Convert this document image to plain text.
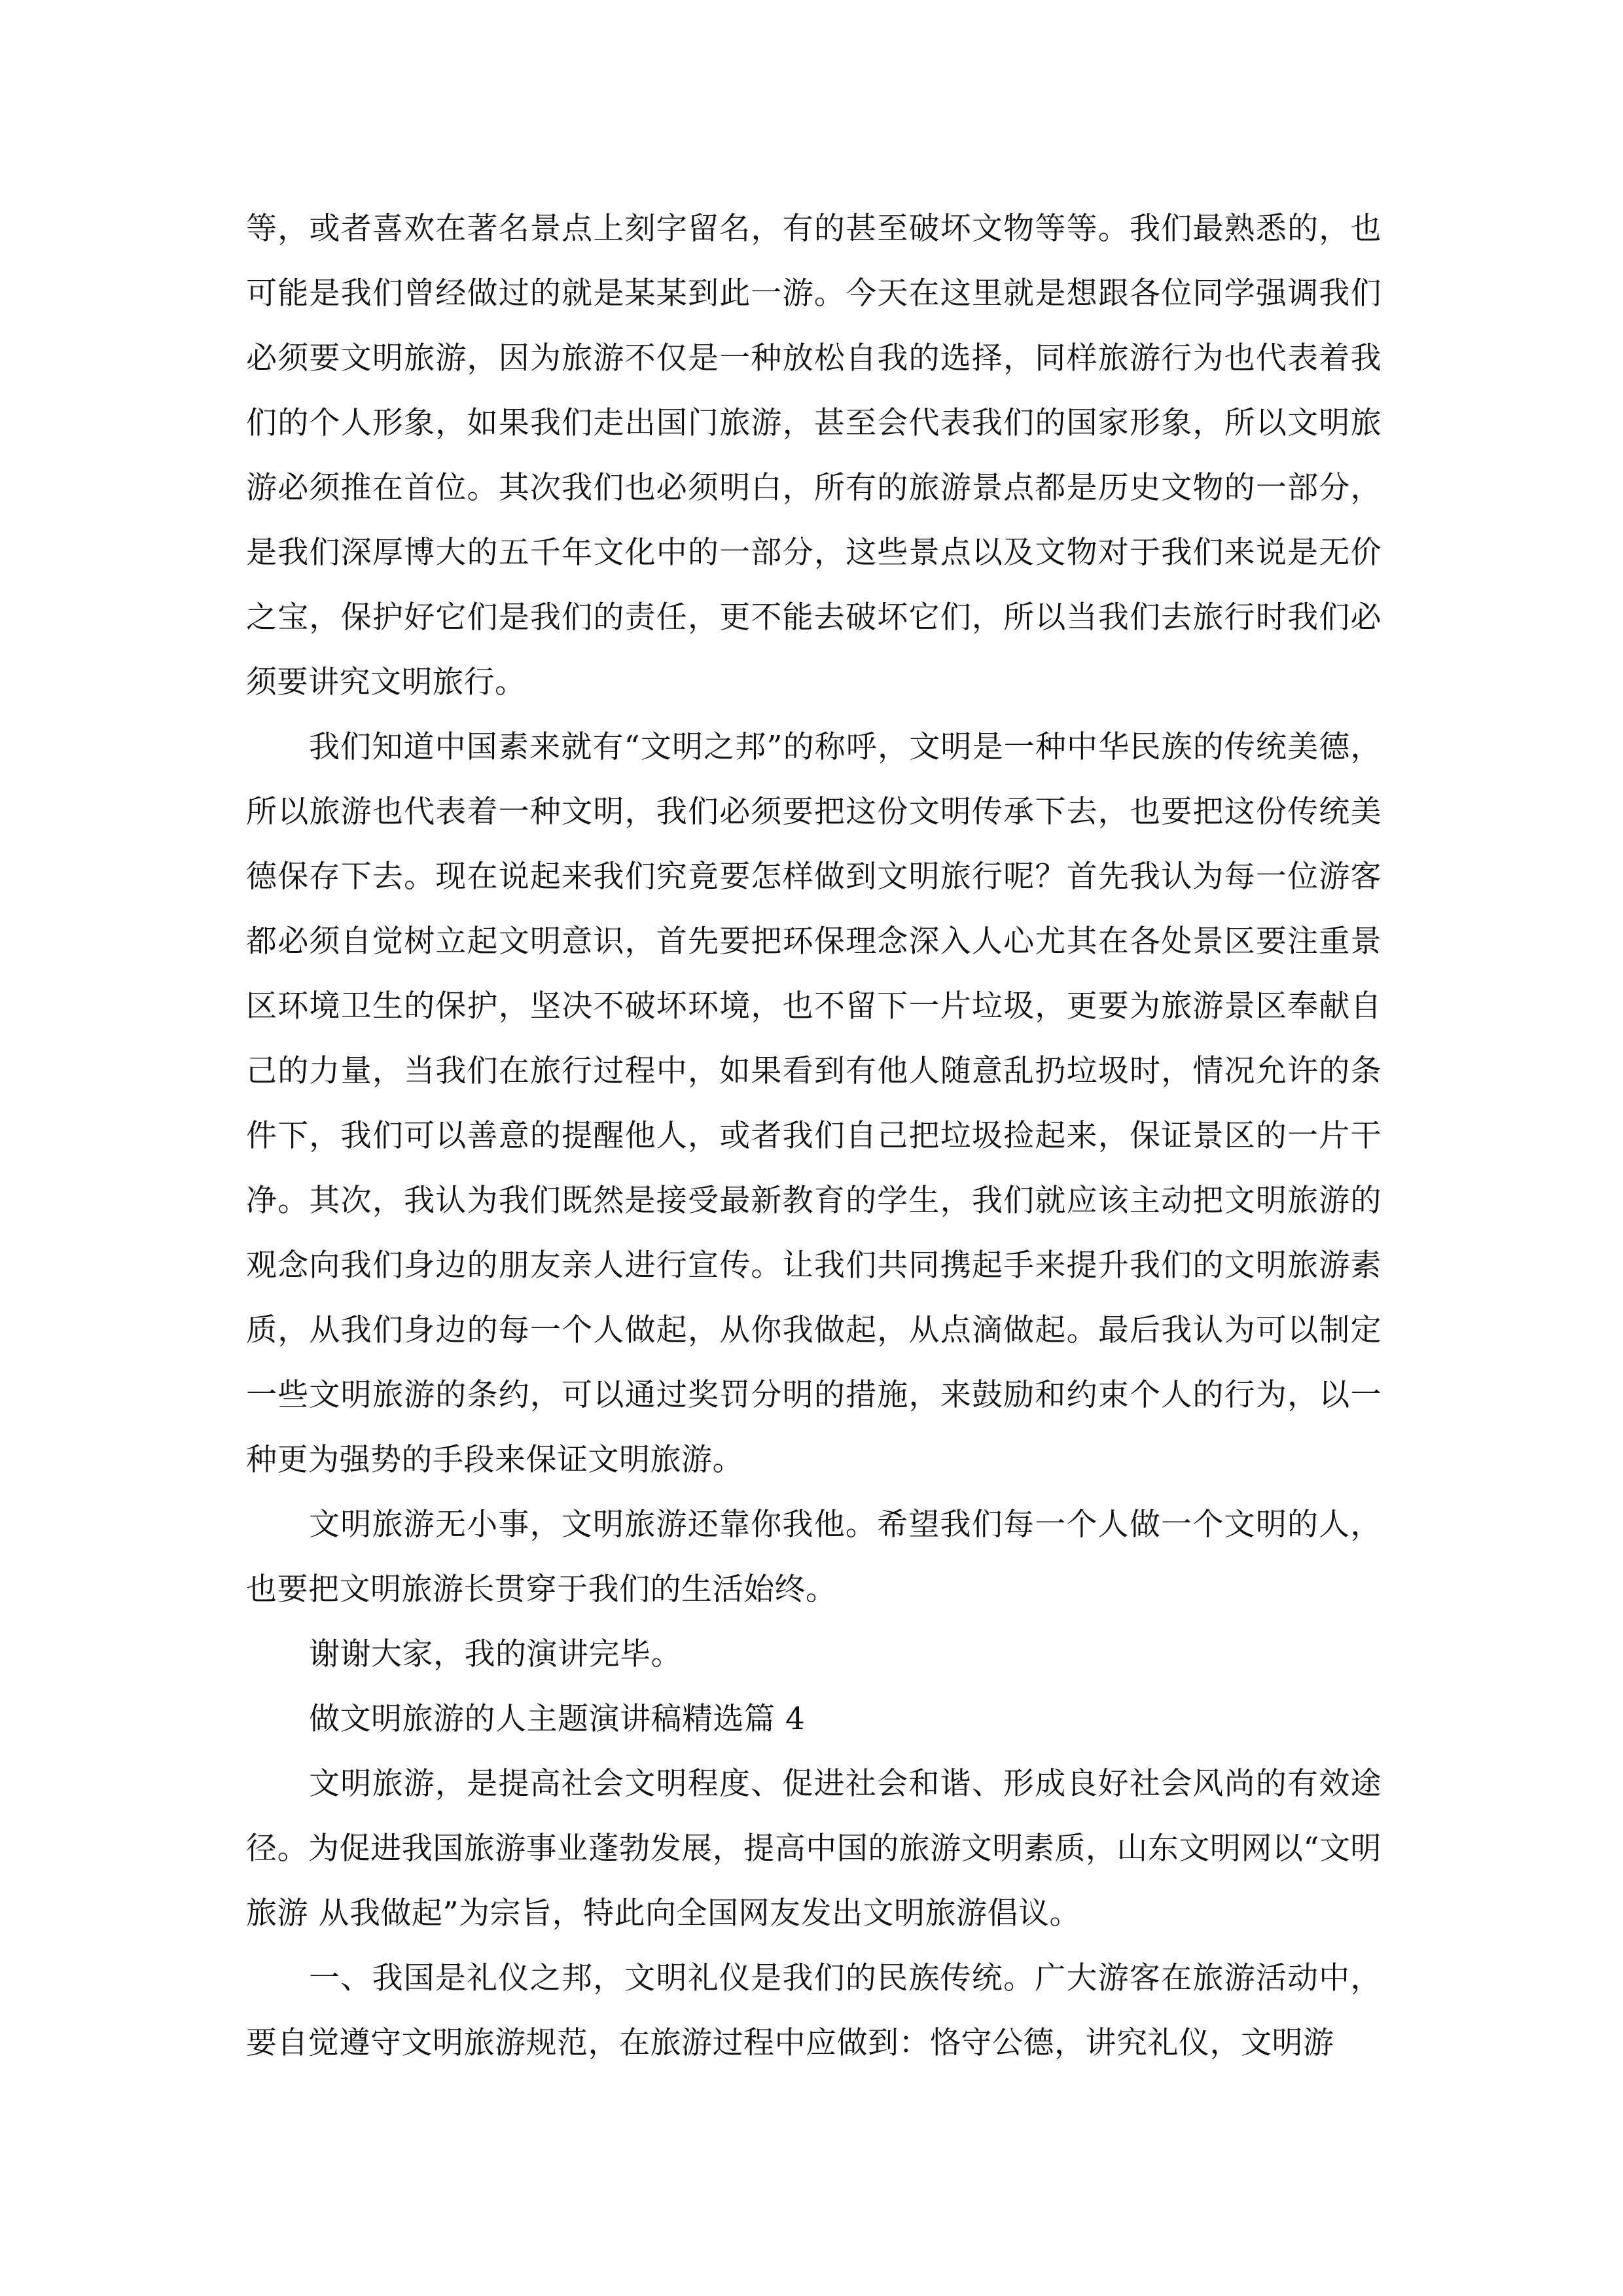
等，或者喜欢在著名景点上刻字留名，有的甚至破坏文物等等。我们最熟悉的，也可能是我们曾经做过的就是某某到此一游。今天在这里就是想跟各位同学强调我们必须要文明旅游，因为旅游不仅是一种放松自我的选择，同样旅游行为也代表着我们的个人形象，如果我们走出国门旅游，甚至会代表我们的国家形象，所以文明旅游必须推在首位。其次我们也必须明白，所有的旅游景点都是历史文物的一部分，是我们深厚博大的五千年文化中的一部分，这些景点以及文物对于我们来说是无价之宝，保护好它们是我们的责任，更不能去破坏它们，所以当我们去旅行时我们必须要讲究文明旅行。

我们知道中国素来就有“文明之邦”的称呼，文明是一种中华民族的传统美德，所以旅游也代表着一种文明，我们必须要把这份文明传承下去，也要把这份传统美德保存下去。现在说起来我们究竟要怎样做到文明旅行呢？首先我认为每一位游客都必须自觉树立起文明意识，首先要把环保理念深入人心尤其在各处景区要注重景区环境卫生的保护，坚决不破坏环境，也不留下一片垃圾，更要为旅游景区奉献自己的力量，当我们在旅行过程中，如果看到有他人随意乱扔垃圾时，情况允许的条件下，我们可以善意的提醒他人，或者我们自己把垃圾捡起来，保证景区的一片干净。其次，我认为我们既然是接受最新教育的学生，我们就应该主动把文明旅游的观念向我们身边的朋友亲人进行宣传。让我们共同携起手来提升我们的文明旅游素质，从我们身边的每一个人做起，从你我做起，从点滴做起。最后我认为可以制定一些文明旅游的条约，可以通过奖罚分明的措施，来鼓励和约束个人的行为，以一种更为强势的手段来保证文明旅游。

文明旅游无小事，文明旅游还靠你我他。希望我们每一个人做一个文明的人，也要把文明旅游长贯穿于我们的生活始终。

谢谢大家，我的演讲完毕。

做文明旅游的人主题演讲稿精选篇 4

文明旅游，是提高社会文明程度、促进社会和谐、形成良好社会风尚的有效途径。为促进我国旅游事业蓬勃发展，提高中国的旅游文明素质，山东文明网以“文明旅游 从我做起”为宗旨，特此向全国网友发出文明旅游倡议。

一、我国是礼仪之邦，文明礼仪是我们的民族传统。广大游客在旅游活动中，要自觉遵守文明旅游规范，在旅游过程中应做到：恪守公德，讲究礼仪，文明游
